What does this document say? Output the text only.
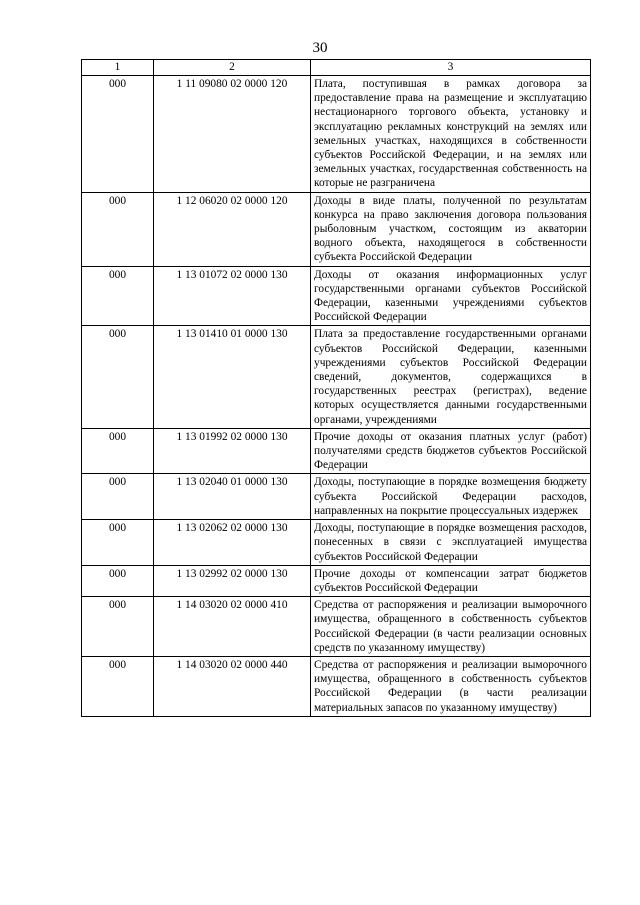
30
1	2	3
000	1 11 09080 02 0000 120	Плата, поступившая в рамках договора за предоставление права на размещение и эксплуатацию нестационарного торгового объекта, установку и эксплуатацию рекламных конструкций на землях или земельных участках, находящихся в собственности субъектов Российской Федерации, и на землях или земельных участках, государственная собственность на которые не разграничена
000	1 12 06020 02 0000 120	Доходы в виде платы, полученной по результатам конкурса на право заключения договора пользования рыболовным участком, состоящим из акватории водного объекта, находящегося в собственности субъекта Российской Федерации
000	1 13 01072 02 0000 130	Доходы от оказания информационных услуг государственными органами субъектов Российской Федерации, казенными учреждениями субъектов Российской Федерации
000	1 13 01410 01 0000 130	Плата за предоставление государственными органами субъектов Российской Федерации, казенными учреждениями субъектов Российской Федерации сведений, документов, содержащихся в государственных реестрах (регистрах), ведение которых осуществляется данными государственными органами, учреждениями
000	1 13 01992 02 0000 130	Прочие доходы от оказания платных услуг (работ) получателями средств бюджетов субъектов Российской Федерации
000	1 13 02040 01 0000 130	Доходы, поступающие в порядке возмещения бюджету субъекта Российской Федерации расходов, направленных на покрытие процессуальных издержек
000	1 13 02062 02 0000 130	Доходы, поступающие в порядке возмещения расходов, понесенных в связи с эксплуатацией имущества субъектов Российской Федерации
000	1 13 02992 02 0000 130	Прочие доходы от компенсации затрат бюджетов субъектов Российской Федерации
000	1 14 03020 02 0000 410	Средства от распоряжения и реализации выморочного имущества, обращенного в собственность субъектов Российской Федерации (в части реализации основных средств по указанному имуществу)
000	1 14 03020 02 0000 440	Средства от распоряжения и реализации выморочного имущества, обращенного в собственность субъектов Российской Федерации (в части реализации материальных запасов по указанному имуществу)
